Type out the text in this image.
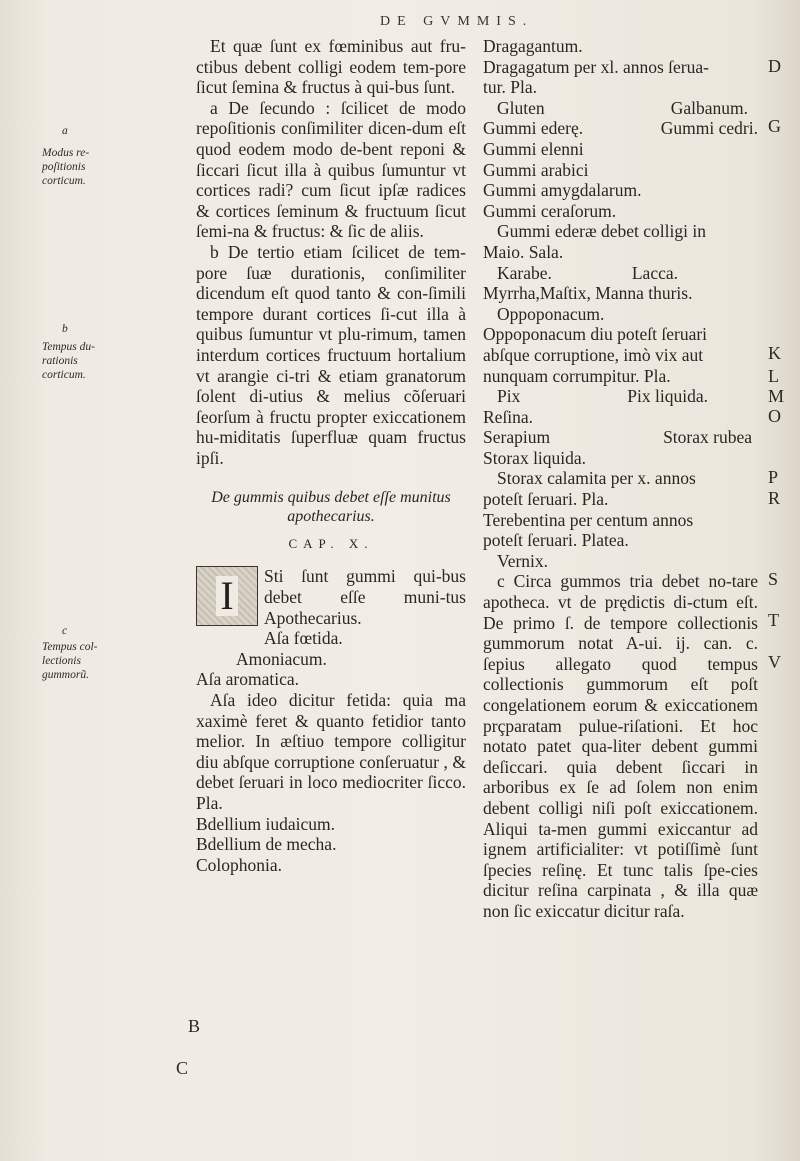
DE GVMMIS.
a
Modus re-poſitionis corticum.
b
Tempus du-rationis corticum.
c
Tempus col-lectionis gummorũ.
B
C

Et quæ ſunt ex fœminibus aut fru-ctibus debent colligi eodem tem-pore ſicut ſemina & fructus à qui-bus ſunt.

a De ſecundo : ſcilicet de modo repoſitionis conſimiliter dicen-dum eſt quod eodem modo de-bent reponi & ſiccari ſicut illa à quibus ſumuntur vt cortices radi? cum ſicut ipſæ radices & cortices ſeminum & fructuum ſicut ſemi-na & fructus: & ſic de aliis.

b De tertio etiam ſcilicet de tem-pore ſuæ durationis, conſimiliter dicendum eſt quod tanto & con-ſimili tempore durant cortices ſi-cut illa à quibus ſumuntur vt plu-rimum, tamen interdum cortices fructuum hortalium vt arangie ci-tri & etiam granatorum ſolent di-utius & melius cõſeruari ſeorſum à fructu propter exiccationem hu-miditatis ſuperfluæ quam fructus ipſi.

De gummis quibus debet eſſe munitus
apothecarius.
CAP. X.

I Sti ſunt gummi qui-bus debet eſſe muni-tus Apothecarius.

Aſa fœtida.
Amoniacum.
Aſa aromatica.

Aſa ideo dicitur fetida: quia ma xaximè feret & quanto fetidior tanto melior. In æſtiuo tempore colligitur diu abſque corruptione conſeruatur , & debet ſeruari in loco mediocriter ſicco. Pla.

Bdellium iudaicum.
Bdellium de mecha.
Colophonia.
Dragagantum.
Dragagatum per xl. annos ſerua-
tur. Pla.
Gluten	Galbanum.
Gummi ederę.	Gummi cedri.
Gummi elenni
Gummi arabici
Gummi amygdalarum.
Gummi ceraſorum.
Gummi ederæ debet colligi in
Maio. Sala.
Karabe.	Lacca.
Myrrha,Maſtix, Manna thuris.
Oppoponacum.
Oppoponacum diu poteſt ſeruari
abſque corruptione, imò vix aut
nunquam corrumpitur. Pla.
Pix	Pix liquida.
Reſina.
Serapium	Storax rubea
Storax liquida.
Storax calamita per x. annos
poteſt ſeruari. Pla.
Terebentina per centum annos
poteſt ſeruari. Platea.
Vernix.

c Circa gummos tria debet no-tare apotheca. vt de prędictis di-ctum eſt. De primo ſ. de tempore collectionis gummorum notat A-ui. ij. can. c. ſepius allegato quod tempus collectionis gummorum eſt poſt congelationem eorum & exiccationem prçparatam pulue-riſationi. Et hoc notato patet qua-liter debent gummi deſiccari. quia debent ſiccari in arboribus ex ſe ad ſolem non enim debent colligi niſi poſt exiccationem. Aliqui ta-men gummi exiccantur ad ignem artificialiter: vt potiſſimè ſunt ſpecies reſinę. Et tunc talis ſpe-cies dicitur reſina carpinata , & illa quæ non ſic exiccatur dicitur raſa.

D
G
K
L
M
O
P
R
S
T
V
